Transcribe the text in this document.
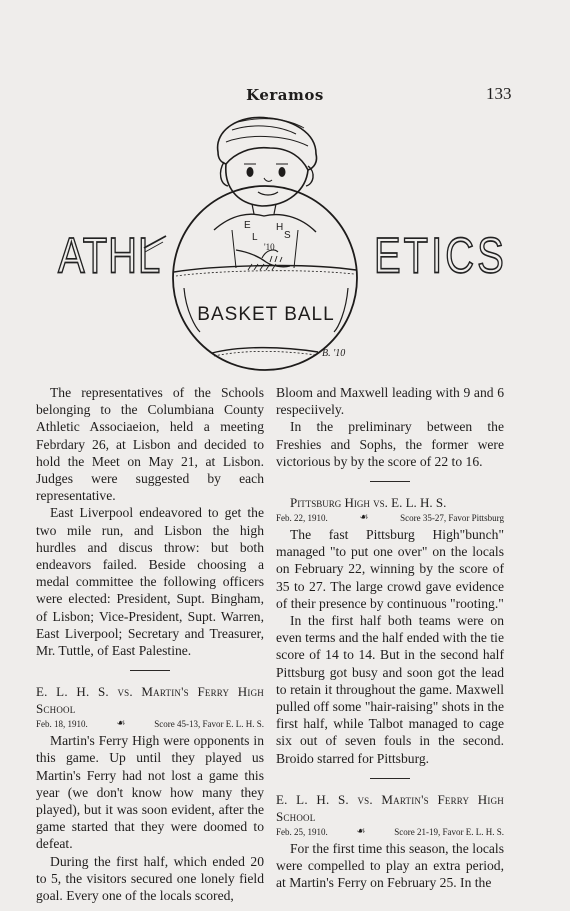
Keramos	133
ATHL	ETICS
BASKET BALL
E
L
H
S
'10
B. '10

The representatives of the Schools belonging to the Columbiana County Athletic Associaeion, held a meeting Febrdary 26, at Lisbon and decided to hold the Meet on May 21, at Lisbon. Judges were suggested by each representative.

East Liverpool endeavored to get the two mile run, and Lisbon the high hurdles and discus throw: but both endeavors failed. Beside choosing a medal committee the following officers were elected: President, Supt. Bingham, of Lisbon; Vice-President, Supt. Warren, East Liverpool; Secretary and Treasurer, Mr. Tuttle, of East Palestine.

E. L. H. S. vs. Martin's Ferry High School

Feb. 18, 1910.	☙	Score 45-13, Favor E. L. H. S.

Martin's Ferry High were opponents in this game. Up until they played us Martin's Ferry had not lost a game this year (we don't know how many they played), but it was soon evident, after the game started that they were doomed to defeat.

During the first half, which ended 20 to 5, the visitors secured one lonely field goal. Every one of the locals scored,

Bloom and Maxwell leading with 9 and 6 respeciively.

In the preliminary between the Freshies and Sophs, the former were victorious by by the score of 22 to 16.

Pittsburg High vs. E. L. H. S.

Feb. 22, 1910.	☙	Score 35-27, Favor Pittsburg

The fast Pittsburg High"bunch" managed "to put one over" on the locals on February 22, winning by the score of 35 to 27. The large crowd gave evidence of their presence by continuous "rooting."

In the first half both teams were on even terms and the half ended with the tie score of 14 to 14. But in the second half Pittsburg got busy and soon got the lead to retain it throughout the game. Maxwell pulled off some "hair-raising" shots in the first half, while Talbot managed to cage six out of seven fouls in the second. Broido starred for Pittsburg.

E. L. H. S. vs. Martin's Ferry High School

Feb. 25, 1910.	☙	Score 21-19, Favor E. L. H. S.

For the first time this season, the locals were compelled to play an extra period, at Martin's Ferry on February 25. In the
